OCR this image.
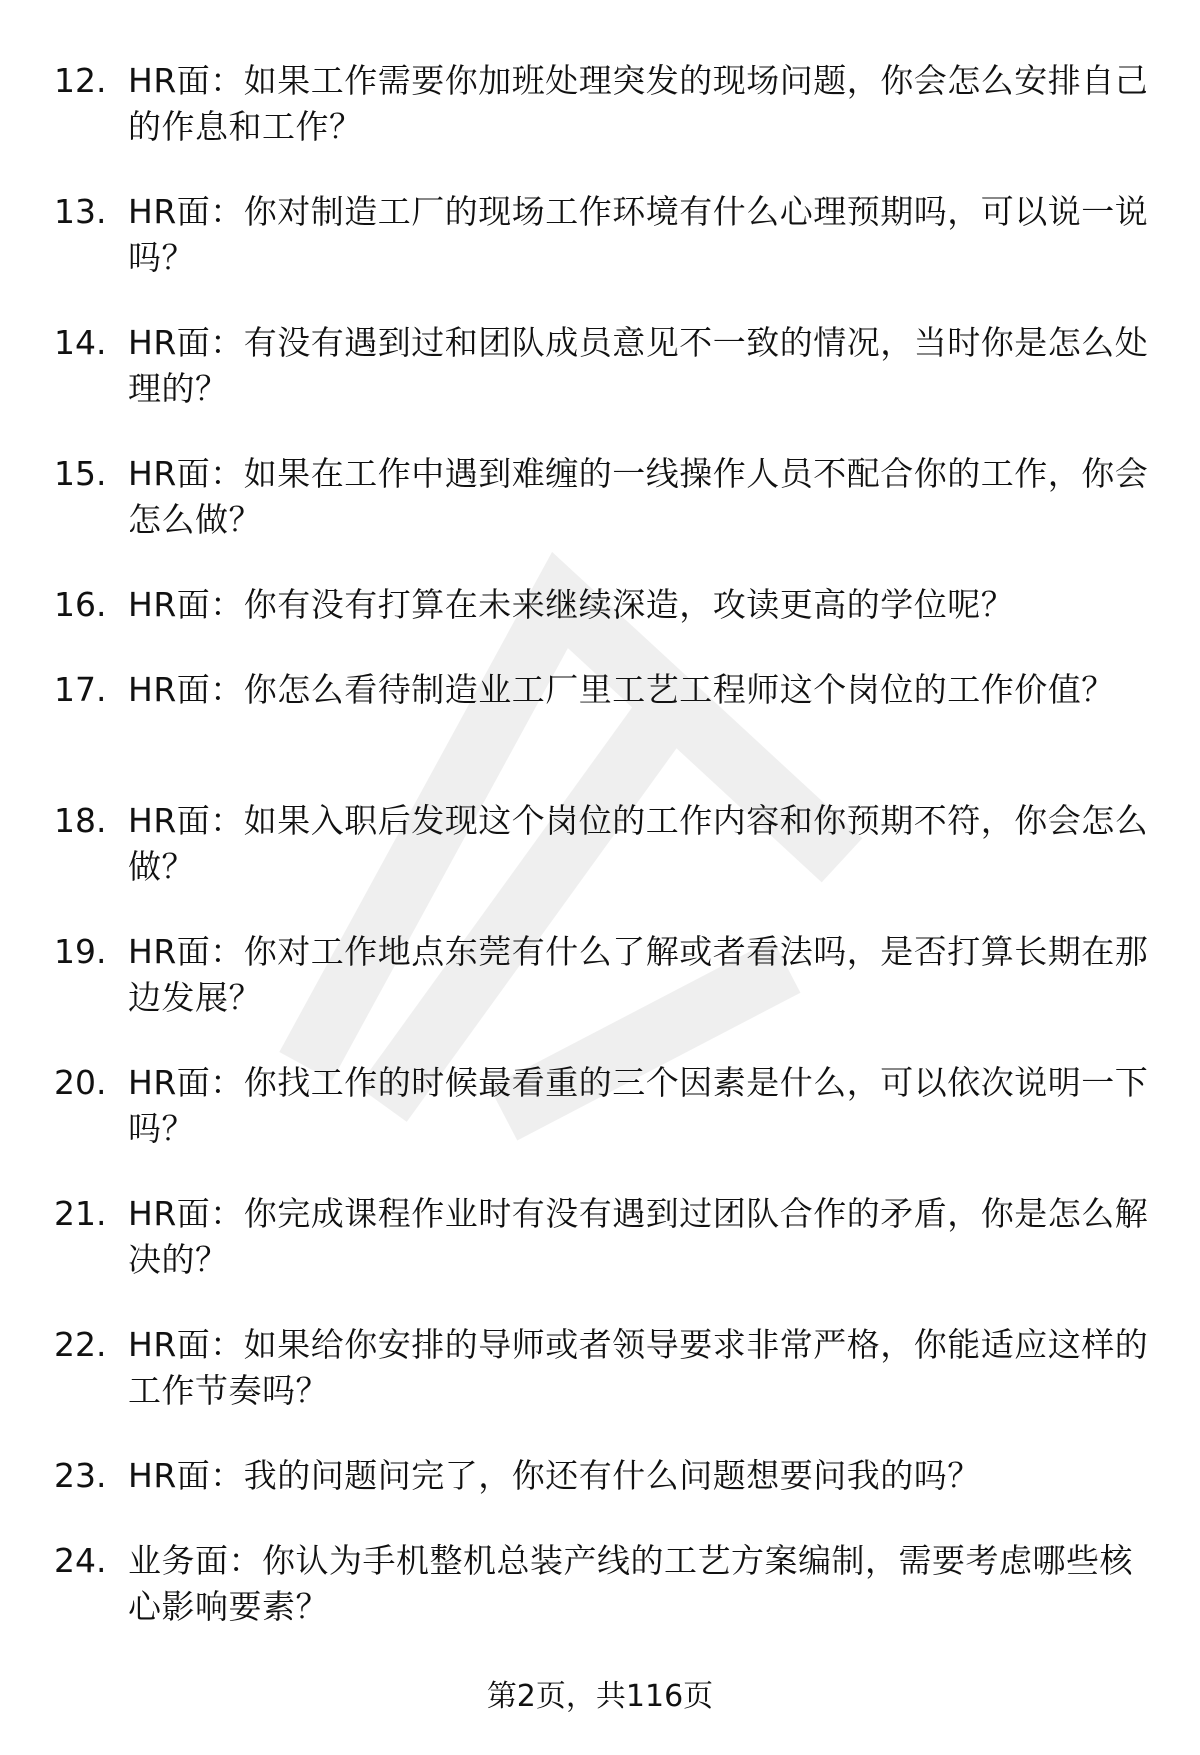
12. HR面：如果工作需要你加班处理突发的现场问题，你会怎么安排自己的作息和工作？
13. HR面：你对制造工厂的现场工作环境有什么心理预期吗，可以说一说吗？
14. HR面：有没有遇到过和团队成员意见不一致的情况，当时你是怎么处理的？
15. HR面：如果在工作中遇到难缠的一线操作人员不配合你的工作，你会怎么做？
16. HR面：你有没有打算在未来继续深造，攻读更高的学位呢？
17. HR面：你怎么看待制造业工厂里工艺工程师这个岗位的工作价值？
18. HR面：如果入职后发现这个岗位的工作内容和你预期不符，你会怎么做？
19. HR面：你对工作地点东莞有什么了解或者看法吗，是否打算长期在那边发展？
20. HR面：你找工作的时候最看重的三个因素是什么，可以依次说明一下吗？
21. HR面：你完成课程作业时有没有遇到过团队合作的矛盾，你是怎么解决的？
22. HR面：如果给你安排的导师或者领导要求非常严格，你能适应这样的工作节奏吗？
23. HR面：我的问题问完了，你还有什么问题想要问我的吗？
24. 业务面：你认为手机整机总装产线的工艺方案编制，需要考虑哪些核心影响要素？
第2页，共116页
